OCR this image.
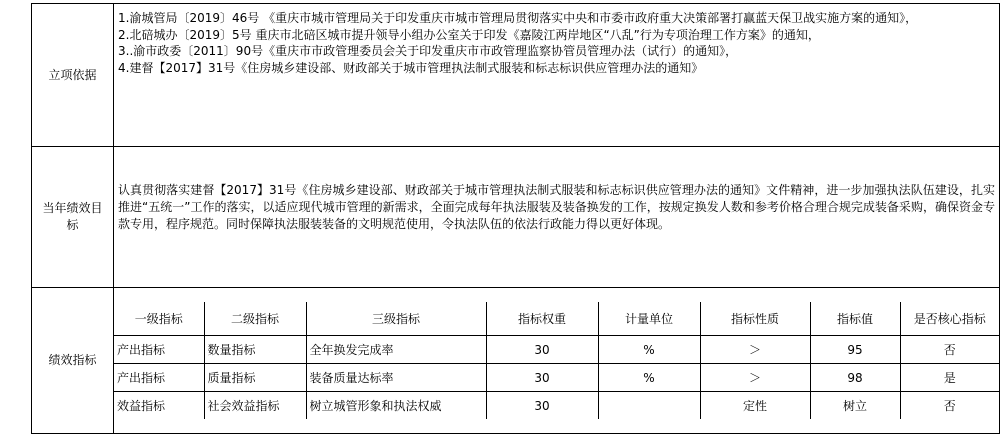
立项依据	
1.渝城管局〔2019〕46号 《重庆市城市管理局关于印发重庆市城市管理局贯彻落实中央和市委市政府重大决策部署打赢蓝天保卫战实施方案的通知》，
2.北碚城办〔2019〕5号 重庆市北碚区城市提升领导小组办公室关于印发《嘉陵江两岸地区“八乱”行为专项治理工作方案》的通知，
3..渝市政委〔2011〕90号《重庆市市政管理委员会关于印发重庆市市政管理监察协管员管理办法（试行）的通知》，
4.建督【2017】31号《住房城乡建设部、财政部关于城市管理执法制式服装和标志标识供应管理办法的通知》

当年绩效目标	
认真贯彻落实建督【2017】31号《住房城乡建设部、财政部关于城市管理执法制式服装和标志标识供应管理办法的通知》文件精神，进一步加强执法队伍建设，扎实推进“五统一”工作的落实，以适应现代城市管理的新需求，全面完成每年执法服装及装备换发的工作，按规定换发人数和参考价格合理合规完成装备采购，确保资金专款专用，程序规范。同时保障执法服装装备的文明规范使用，令执法队伍的依法行政能力得以更好体现。

绩效指标	
一级指标	二级指标	三级指标	指标权重	计量单位	指标性质	指标值	是否核心指标
产出指标	数量指标	全年换发完成率	30	%	＞	95	否
产出指标	质量指标	装备质量达标率	30	%	＞	98	是
效益指标	社会效益指标	树立城管形象和执法权威	30		定性	树立	否
